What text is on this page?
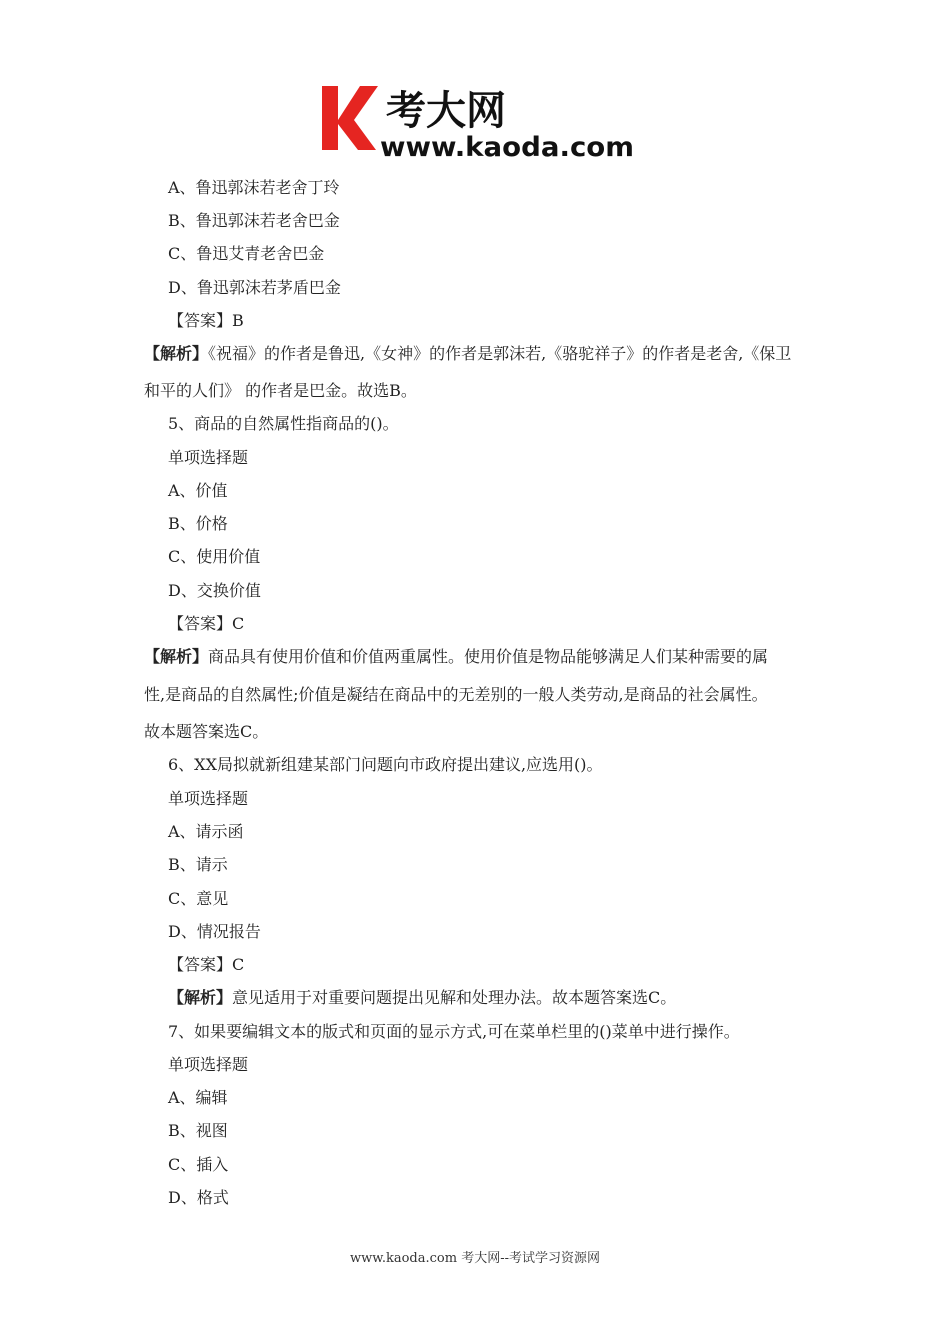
考大网
www.kaoda.com
A、鲁迅郭沫若老舍丁玲
B、鲁迅郭沫若老舍巴金
C、鲁迅艾青老舍巴金
D、鲁迅郭沫若茅盾巴金
【答案】B
【解析】《祝福》的作者是鲁迅,《女神》的作者是郭沫若,《骆驼祥子》的作者是老舍,《保卫
和平的人们》 的作者是巴金。故选B。
5、商品的自然属性指商品的()。
单项选择题
A、价值
B、价格
C、使用价值
D、交换价值
【答案】C
【解析】商品具有使用价值和价值两重属性。使用价值是物品能够满足人们某种需要的属
性,是商品的自然属性;价值是凝结在商品中的无差别的一般人类劳动,是商品的社会属性。
故本题答案选C。
6、XX局拟就新组建某部门问题向市政府提出建议,应选用()。
单项选择题
A、请示函
B、请示
C、意见
D、情况报告
【答案】C
【解析】意见适用于对重要问题提出见解和处理办法。故本题答案选C。
7、如果要编辑文本的版式和页面的显示方式,可在菜单栏里的()菜单中进行操作。
单项选择题
A、编辑
B、视图
C、插入
D、格式
www.kaoda.com 考大网--考试学习资源网
